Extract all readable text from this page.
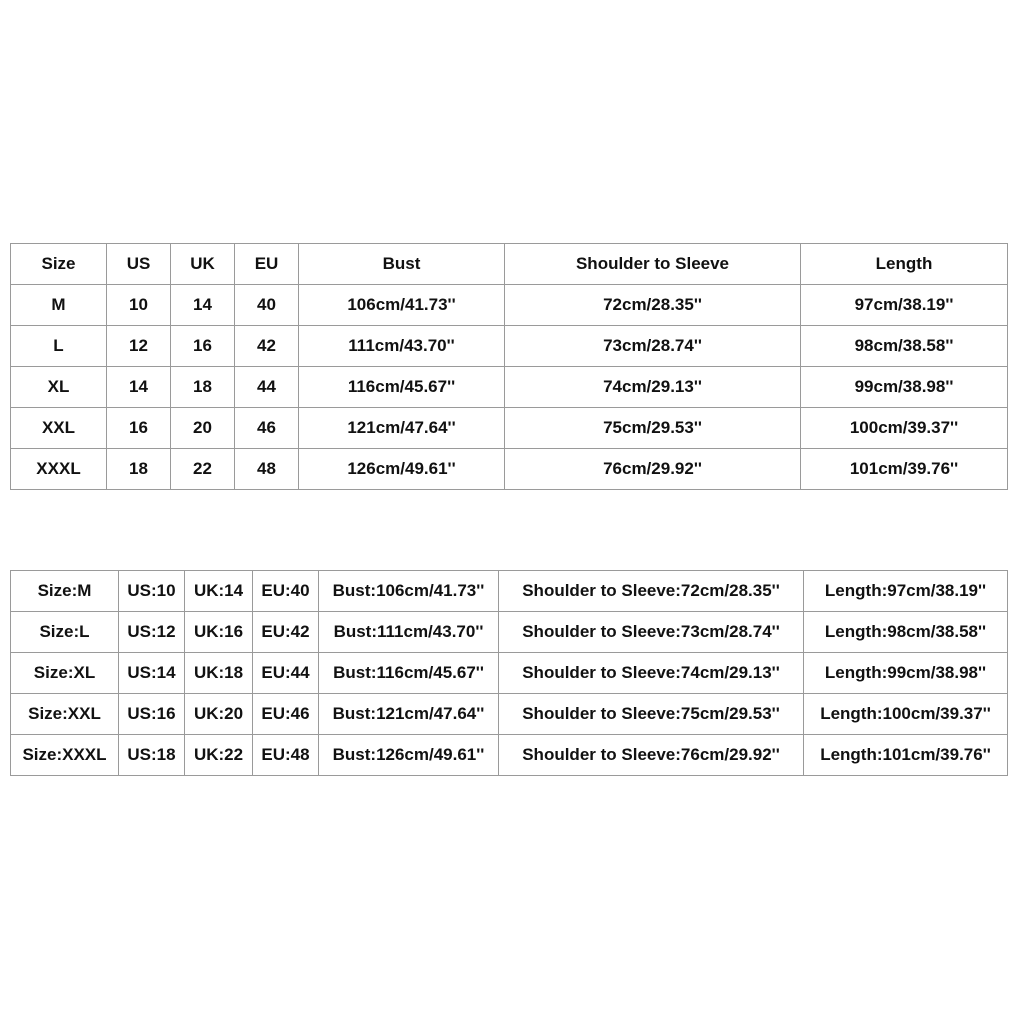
Size	US	UK	EU	Bust	Shoulder to Sleeve	Length
M	10	14	40	106cm/41.73''	72cm/28.35''	97cm/38.19''
L	12	16	42	111cm/43.70''	73cm/28.74''	98cm/38.58''
XL	14	18	44	116cm/45.67''	74cm/29.13''	99cm/38.98''
XXL	16	20	46	121cm/47.64''	75cm/29.53''	100cm/39.37''
XXXL	18	22	48	126cm/49.61''	76cm/29.92''	101cm/39.76''
Size:M	US:10	UK:14	EU:40	Bust:106cm/41.73''	Shoulder to Sleeve:72cm/28.35''	Length:97cm/38.19''
Size:L	US:12	UK:16	EU:42	Bust:111cm/43.70''	Shoulder to Sleeve:73cm/28.74''	Length:98cm/38.58''
Size:XL	US:14	UK:18	EU:44	Bust:116cm/45.67''	Shoulder to Sleeve:74cm/29.13''	Length:99cm/38.98''
Size:XXL	US:16	UK:20	EU:46	Bust:121cm/47.64''	Shoulder to Sleeve:75cm/29.53''	Length:100cm/39.37''
Size:XXXL	US:18	UK:22	EU:48	Bust:126cm/49.61''	Shoulder to Sleeve:76cm/29.92''	Length:101cm/39.76''
